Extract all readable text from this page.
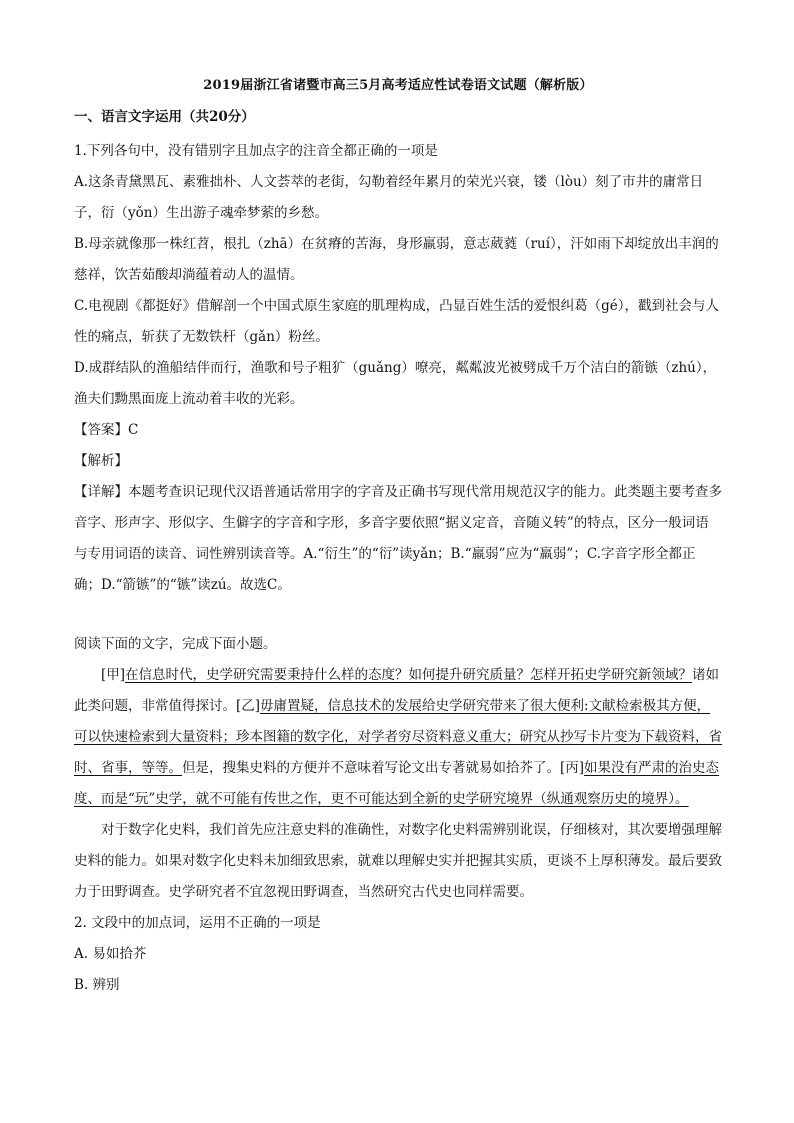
2019届浙江省诸暨市高三5月高考适应性试卷语文试题（解析版）
一、语言文字运用（共20分）

1.下列各句中，没有错别字且加点字的注音全都正确的一项是

A.这条青黛黑瓦、素雅拙朴、人文荟萃的老街，勾勒着经年累月的荣光兴衰，镂（lòu）刻了市井的庸常日子，衍（yǒn）生出游子魂牵梦萦的乡愁。

B.母亲就像那一株红苕，根扎（zhā）在贫瘠的苦海，身形羸弱，意志葳蕤（ruí），汗如雨下却绽放出丰润的慈祥，饮苦茹酸却淌蕴着动人的温情。

C.电视剧《都挺好》借解剖一个中国式原生家庭的肌理构成，凸显百姓生活的爱恨纠葛（gé），戳到社会与人性的痛点，斩获了无数铁杆（gǎn）粉丝。

D.成群结队的渔船结伴而行，渔歌和号子粗犷（guǎng）嘹亮，粼粼波光被劈成千万个洁白的箭镞（zhú），渔夫们黝黑面庞上流动着丰收的光彩。

【答案】C

【解析】

【详解】本题考查识记现代汉语普通话常用字的字音及正确书写现代常用规范汉字的能力。此类题主要考查多音字、形声字、形似字、生僻字的字音和字形，多音字要依照“据义定音，音随义转”的特点，区分一般词语与专用词语的读音、词性辨别读音等。A.“衍生”的“衍”读yǎn；B.“羸弱”应为“羸弱”；C.字音字形全都正确；D.“箭镞”的“镞”读zú。故选C。

阅读下面的文字，完成下面小题。

[甲]在信息时代，史学研究需要秉持什么样的态度？如何提升研究质量？怎样开拓史学研究新领域？诸如此类问题，非常值得探讨。[乙]毋庸置疑，信息技术的发展给史学研究带来了很大便利:文献检索极其方便，可以快速检索到大量资料；珍本图籍的数字化，对学者穷尽资料意义重大；研究从抄写卡片变为下载资料，省时、省事，等等。但是，搜集史料的方便并不意味着写论文出专著就易如拾芥了。[丙]如果没有严肃的治史态度、而是“玩”史学，就不可能有传世之作，更不可能达到全新的史学研究境界（纵通观察历史的境界）。

对于数字化史料，我们首先应注意史料的准确性，对数字化史料需辨别讹误，仔细核对，其次要增强理解史料的能力。如果对数字化史料未加细致思索，就难以理解史实并把握其实质，更谈不上厚积薄发。最后要致力于田野调查。史学研究者不宜忽视田野调查，当然研究古代史也同样需要。

2. 文段中的加点词，运用不正确的一项是

A. 易如拾芥

B. 辨别
